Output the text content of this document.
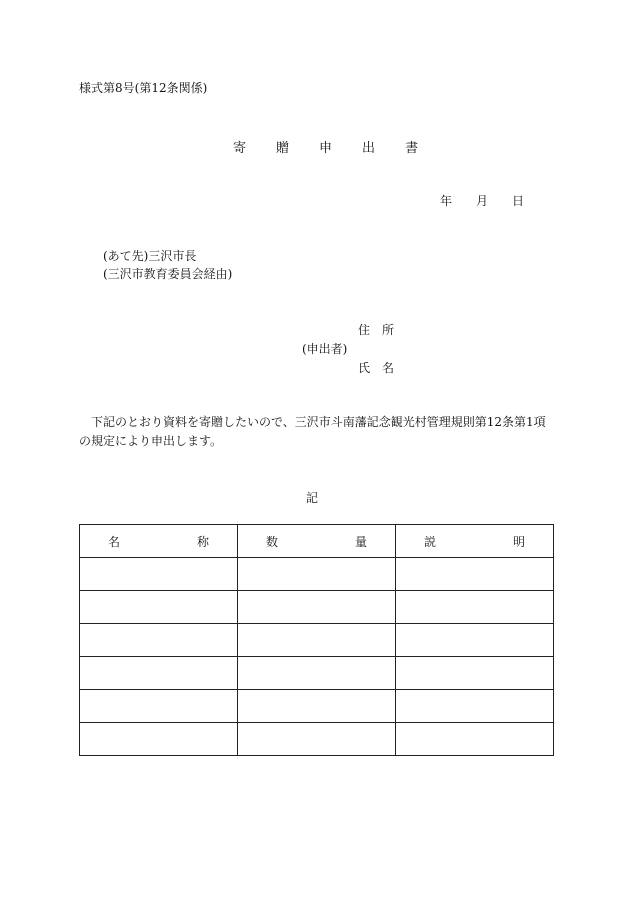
様式第8号(第12条関係)
寄 贈 申 出 書
年 月 日
(あて先)三沢市長
(三沢市教育委員会経由)
住 所
(申出者)
氏 名
下記のとおり資料を寄贈したいので、三沢市斗南藩記念観光村管理規則第12条第1項の規定により申出します。
記
名 称	数 量	説 明
